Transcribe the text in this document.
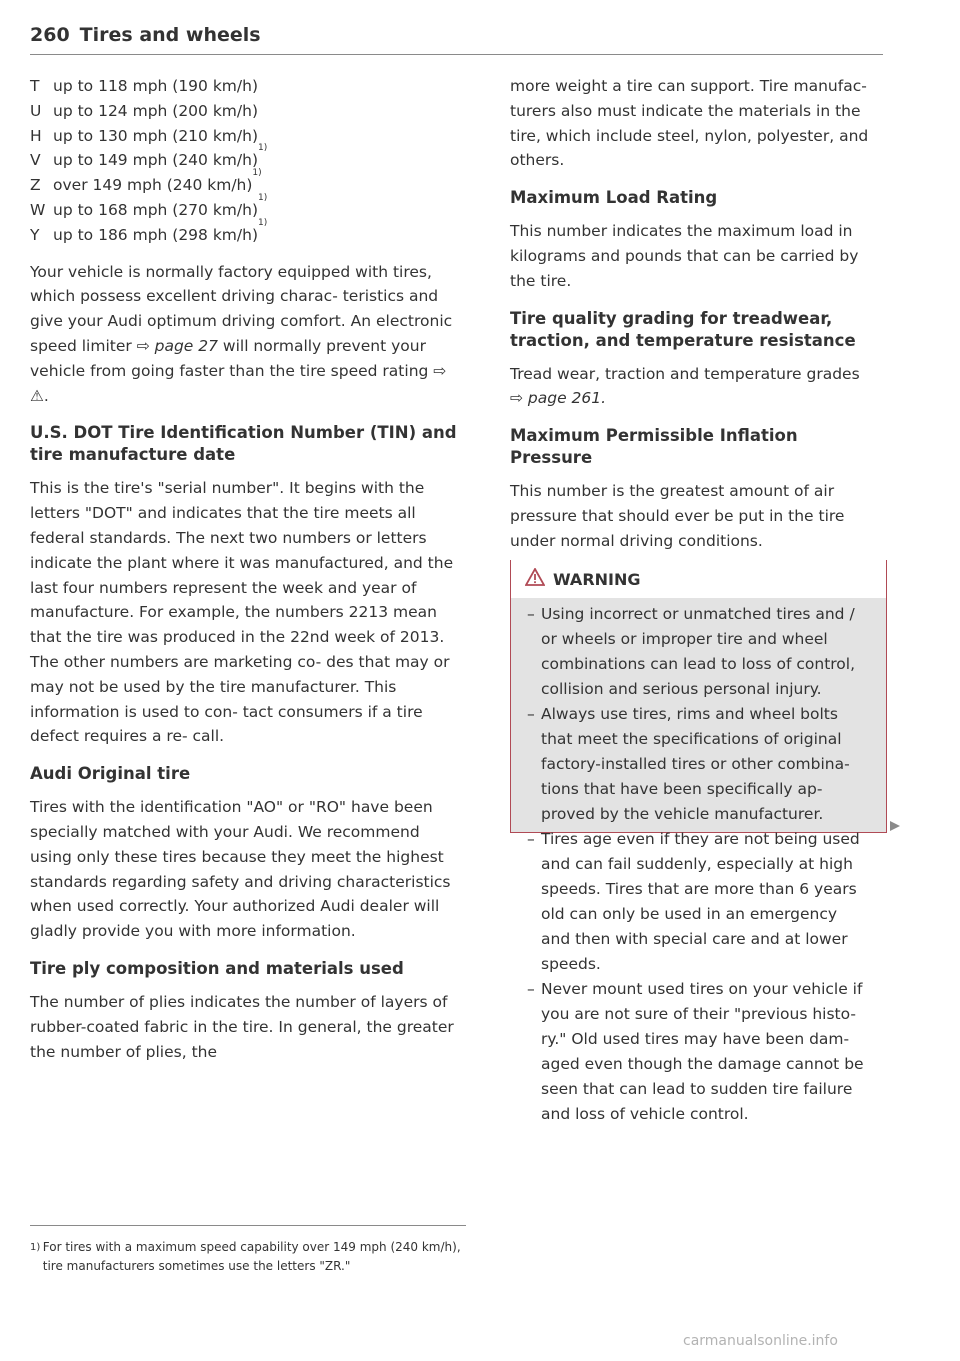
260 Tires and wheels
T up to 118 mph (190 km/h)
U up to 124 mph (200 km/h)
H up to 130 mph (210 km/h)
V up to 149 mph (240 km/h)
1)
Z over 149 mph (240 km/h)
1)
W up to 168 mph (270 km/h)
1)
Y up to 186 mph (298 km/h)
1)

Your vehicle is normally factory equipped with tires, which possess excellent driving charac- teristics and give your Audi optimum driving comfort. An electronic speed limiter ⇨ page 27 will normally prevent your vehicle from going faster than the tire speed rating ⇨ ⚠.

U.S. DOT Tire Identification Number (TIN) and tire manufacture date

This is the tire's "serial number". It begins with the letters "DOT" and indicates that the tire meets all federal standards. The next two numbers or letters indicate the plant where it was manufactured, and the last four numbers represent the week and year of manufacture. For example, the numbers 2213 mean that the tire was produced in the 22nd week of 2013. The other numbers are marketing co- des that may or may not be used by the tire manufacturer. This information is used to con- tact consumers if a tire defect requires a re- call.

Audi Original tire

Tires with the identification "AO" or "RO" have been specially matched with your Audi. We recommend using only these tires because they meet the highest standards regarding safety and driving characteristics when used correctly. Your authorized Audi dealer will gladly provide you with more information.

Tire ply composition and materials used

The number of plies indicates the number of layers of rubber-coated fabric in the tire. In general, the greater the number of plies, the

more weight a tire can support. Tire manufac- turers also must indicate the materials in the tire, which include steel, nylon, polyester, and others.

Maximum Load Rating

This number indicates the maximum load in kilograms and pounds that can be carried by the tire.

Tire quality grading for treadwear, traction, and temperature resistance

Tread wear, traction and temperature grades
⇨ page 261.

Maximum Permissible Inflation Pressure

This number is the greatest amount of air pressure that should ever be put in the tire under normal driving conditions.

WARNING
– Using incorrect or unmatched tires and / or wheels or improper tire and wheel combinations can lead to loss of control, collision and serious personal injury.
– Always use tires, rims and wheel bolts that meet the specifications of original factory-installed tires or other combina- tions that have been specifically ap- proved by the vehicle manufacturer.
– Tires age even if they are not being used and can fail suddenly, especially at high speeds. Tires that are more than 6 years old can only be used in an emergency and then with special care and at lower speeds.
– Never mount used tires on your vehicle if you are not sure of their "previous histo- ry." Old used tires may have been dam- aged even though the damage cannot be seen that can lead to sudden tire failure and loss of vehicle control.
1) For tires with a maximum speed capability over 149 mph (240 km/h), tire manufacturers sometimes use the letters "ZR."
carmanualsonline.info
